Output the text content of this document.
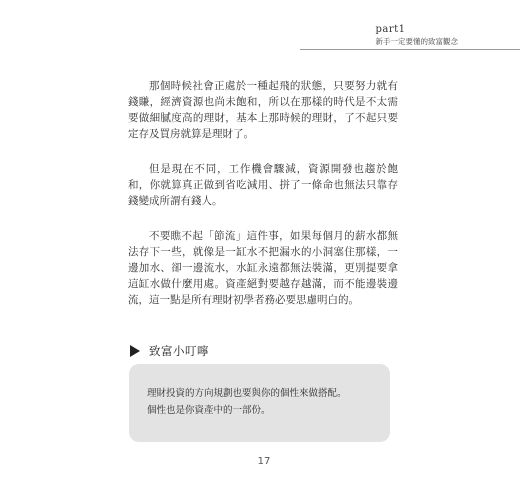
part1
新手一定要懂的致富觀念

那個時候社會正處於一種起飛的狀態，只要努力就有錢賺，經濟資源也尚未飽和，所以在那樣的時代是不太需要做細膩度高的理財，基本上那時候的理財，了不起只要定存及買房就算是理財了。

但是現在不同，工作機會驟減，資源開發也趨於飽和，你就算真正做到省吃減用、拼了一條命也無法只靠存錢變成所謂有錢人。

不要瞧不起「節流」這件事，如果每個月的薪水都無法存下一些，就像是一缸水不把漏水的小洞塞住那樣，一邊加水、卻一邊流水，水缸永遠都無法裝滿，更別提要拿這缸水做什麼用處。資產絕對要越存越滿，而不能邊裝邊流，這一點是所有理財初學者務必要思慮明白的。

致富小叮嚀
理財投資的方向規劃也要與你的個性來做搭配。
個性也是你資產中的一部份。
17
